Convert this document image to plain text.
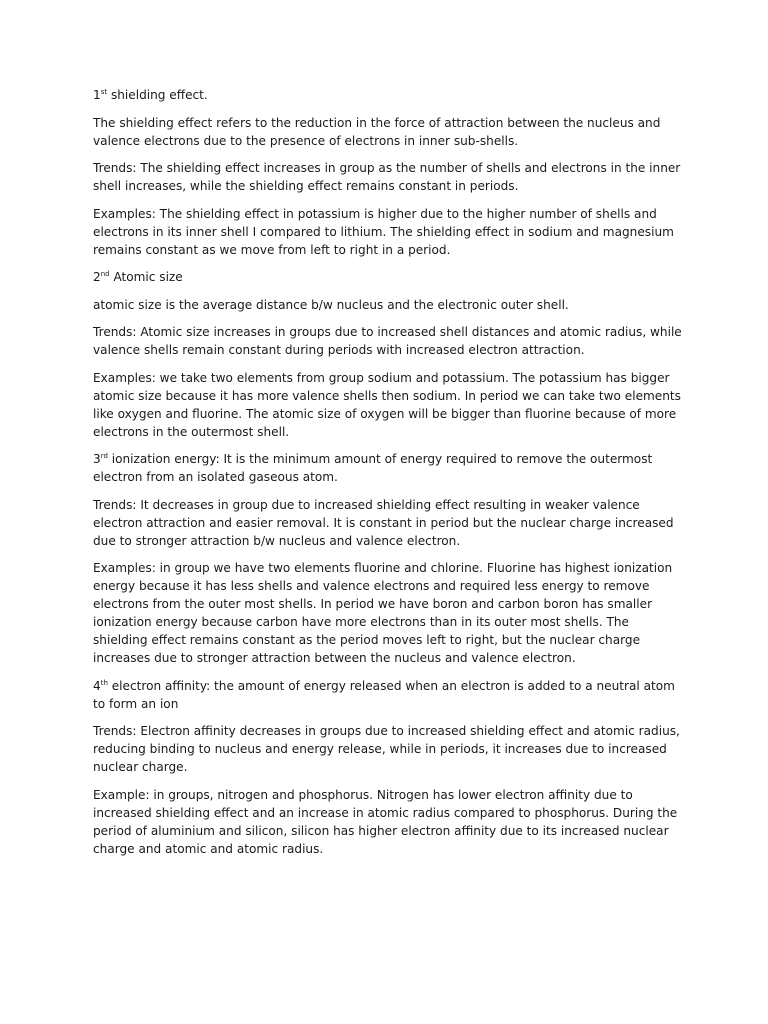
1st shielding effect.

The shielding effect refers to the reduction in the force of attraction between the nucleus and valence electrons due to the presence of electrons in inner sub-shells.

Trends: The shielding effect increases in group as the number of shells and electrons in the inner shell increases, while the shielding effect remains constant in periods.

Examples: The shielding effect in potassium is higher due to the higher number of shells and electrons in its inner shell I compared to lithium. The shielding effect in sodium and magnesium remains constant as we move from left to right in a period.

2nd Atomic size

atomic size is the average distance b/w nucleus and the electronic outer shell.

Trends: Atomic size increases in groups due to increased shell distances and atomic radius, while valence shells remain constant during periods with increased electron attraction.

Examples: we take two elements from group sodium and potassium. The potassium has bigger atomic size because it has more valence shells then sodium. In period we can take two elements like oxygen and fluorine. The atomic size of oxygen will be bigger than fluorine because of more electrons in the outermost shell.

3rd ionization energy: It is the minimum amount of energy required to remove the outermost electron from an isolated gaseous atom.

Trends: It decreases in group due to increased shielding effect resulting in weaker valence electron attraction and easier removal. It is constant in period but the nuclear charge increased due to stronger attraction b/w nucleus and valence electron.

Examples: in group we have two elements fluorine and chlorine. Fluorine has highest ionization energy because it has less shells and valence electrons and required less energy to remove electrons from the outer most shells. In period we have boron and carbon boron has smaller ionization energy because carbon have more electrons than in its outer most shells. The shielding effect remains constant as the period moves left to right, but the nuclear charge increases due to stronger attraction between the nucleus and valence electron.

4th electron affinity: the amount of energy released when an electron is added to a neutral atom to form an ion

Trends: Electron affinity decreases in groups due to increased shielding effect and atomic radius, reducing binding to nucleus and energy release, while in periods, it increases due to increased nuclear charge.

Example: in groups, nitrogen and phosphorus. Nitrogen has lower electron affinity due to increased shielding effect and an increase in atomic radius compared to phosphorus. During the period of aluminium and silicon, silicon has higher electron affinity due to its increased nuclear charge and atomic and atomic radius.
